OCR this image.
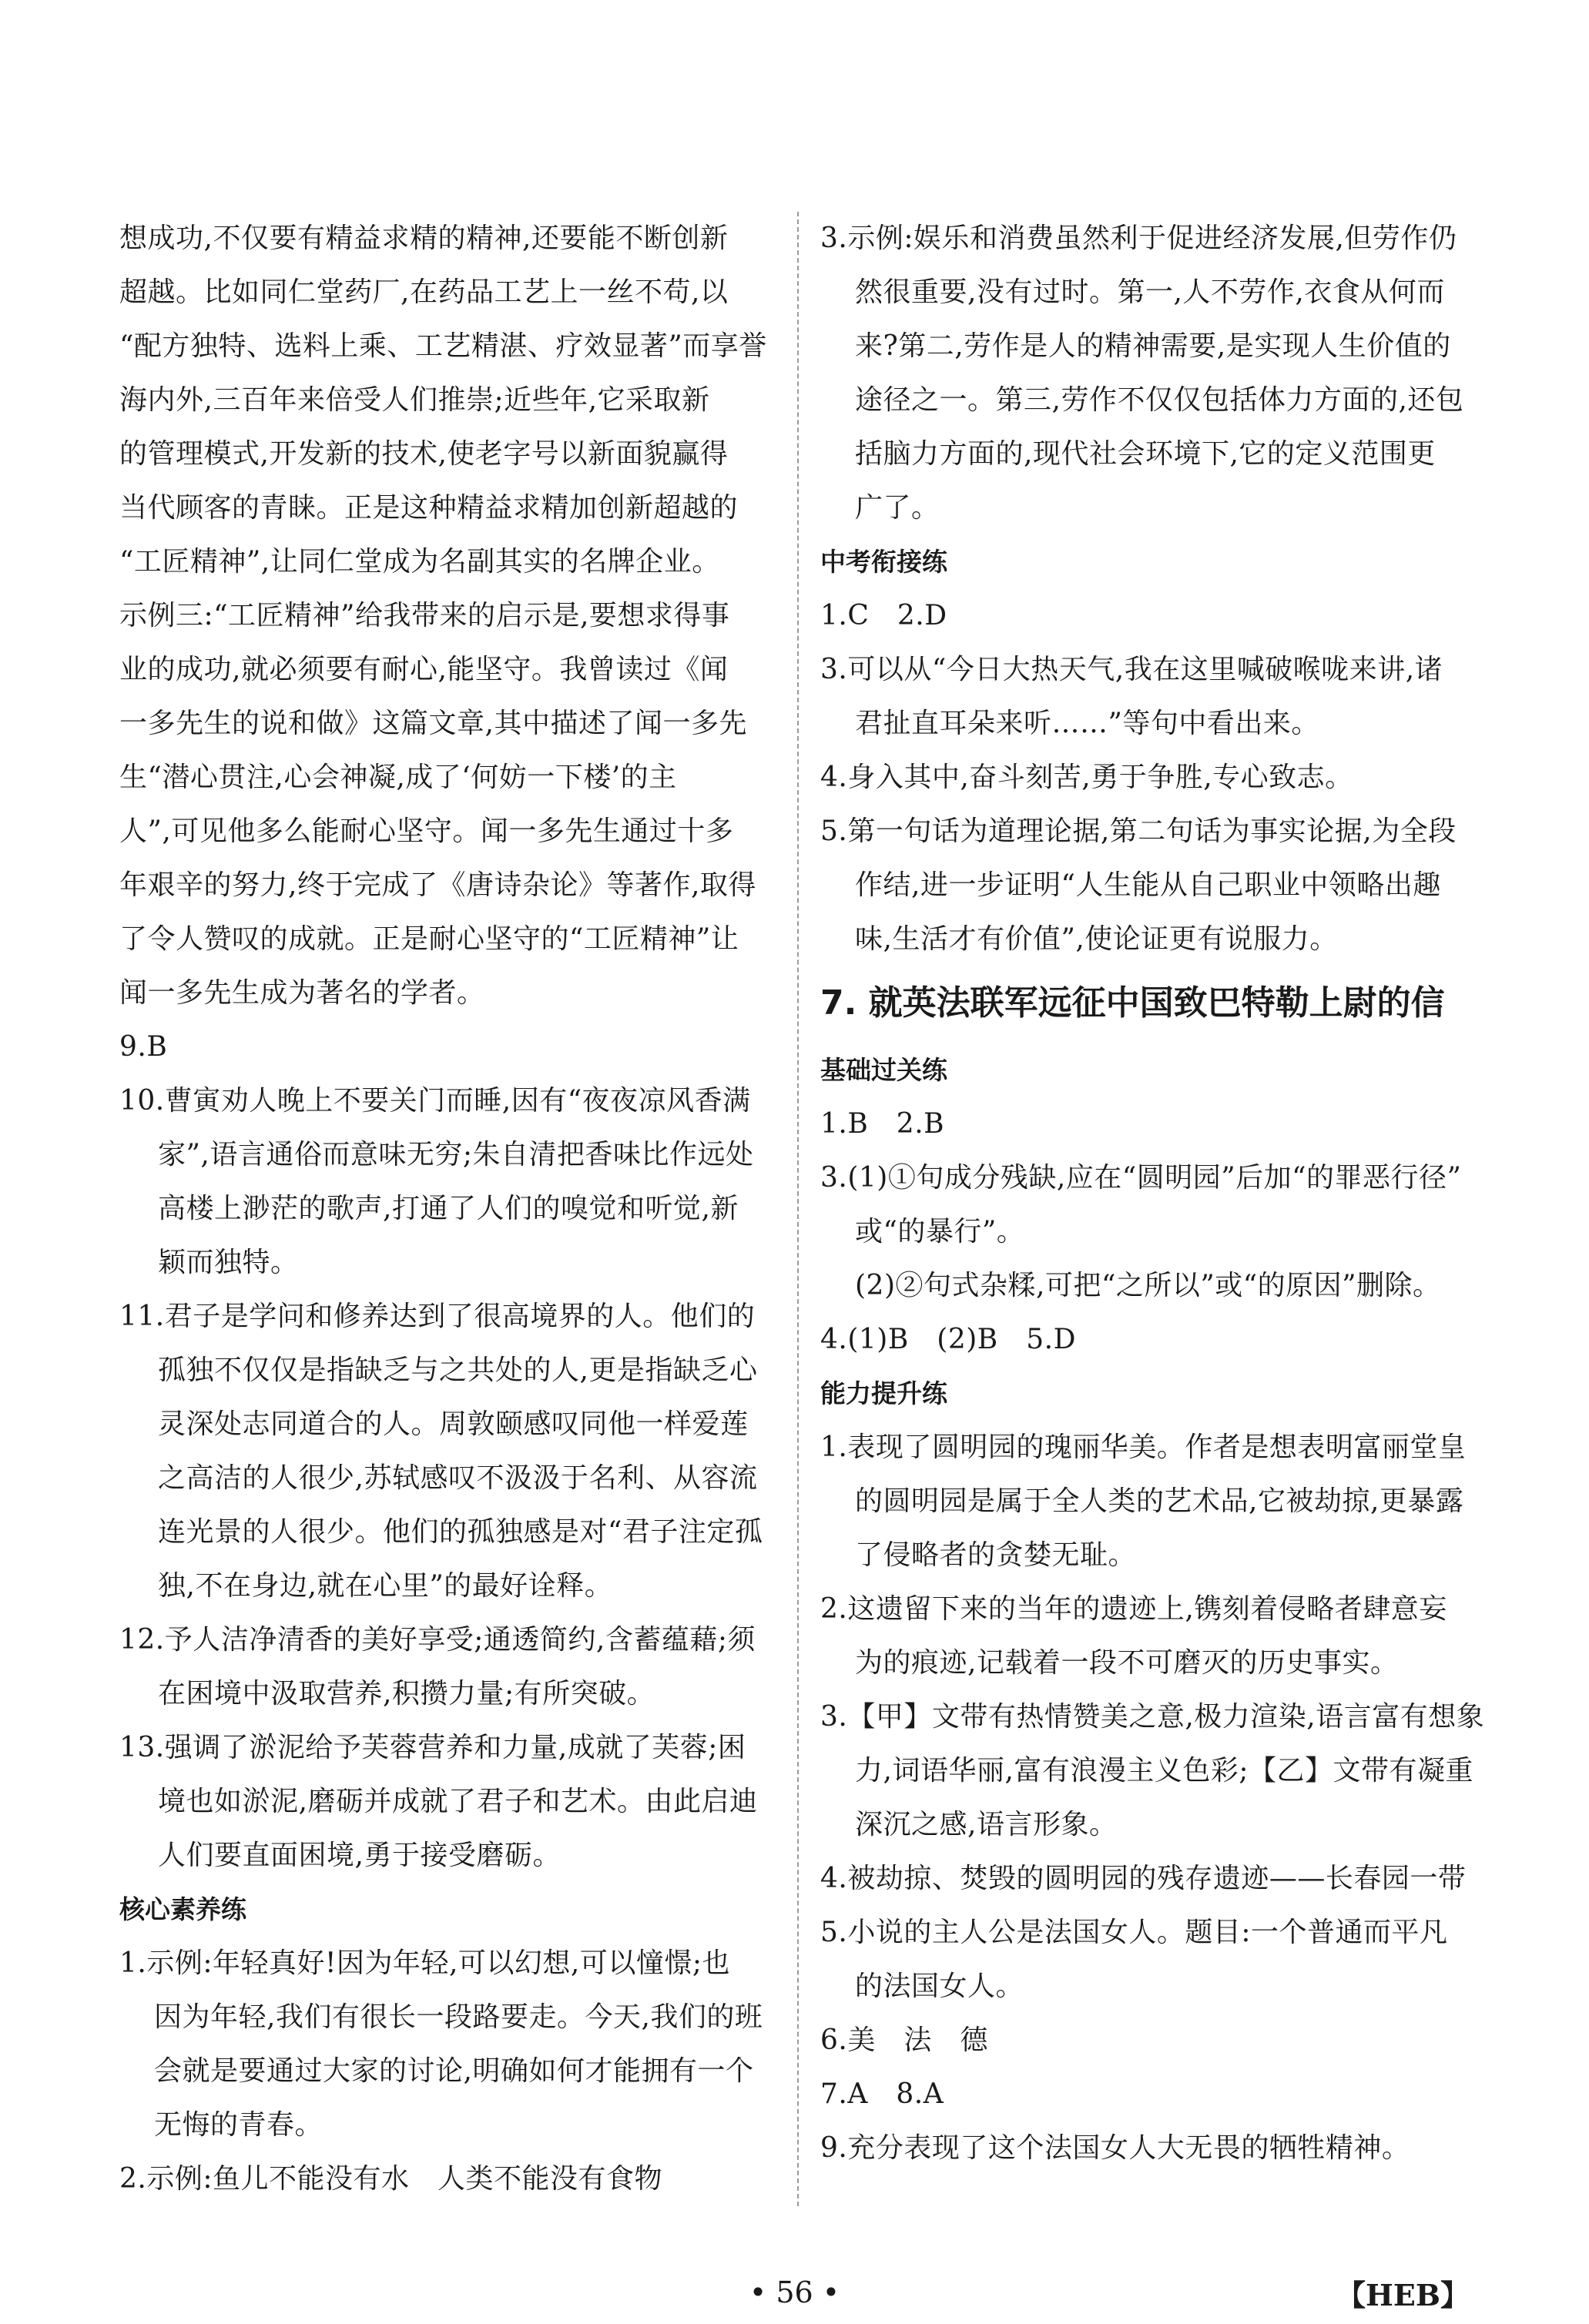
想成功,不仅要有精益求精的精神,还要能不断创新
超越。比如同仁堂药厂,在药品工艺上一丝不苟,以
“配方独特、选料上乘、工艺精湛、疗效显著”而享誉
海内外,三百年来倍受人们推崇;近些年,它采取新
的管理模式,开发新的技术,使老字号以新面貌赢得
当代顾客的青睐。正是这种精益求精加创新超越的
“工匠精神”,让同仁堂成为名副其实的名牌企业。
示例三:“工匠精神”给我带来的启示是,要想求得事
业的成功,就必须要有耐心,能坚守。我曾读过《闻
一多先生的说和做》这篇文章,其中描述了闻一多先
生“潜心贯注,心会神凝,成了‘何妨一下楼’的主
人”,可见他多么能耐心坚守。闻一多先生通过十多
年艰辛的努力,终于完成了《唐诗杂论》等著作,取得
了令人赞叹的成就。正是耐心坚守的“工匠精神”让
闻一多先生成为著名的学者。
9.B
10.曹寅劝人晚上不要关门而睡,因有“夜夜凉风香满
家”,语言通俗而意味无穷;朱自清把香味比作远处
高楼上渺茫的歌声,打通了人们的嗅觉和听觉,新
颖而独特。
11.君子是学问和修养达到了很高境界的人。他们的
孤独不仅仅是指缺乏与之共处的人,更是指缺乏心
灵深处志同道合的人。周敦颐感叹同他一样爱莲
之高洁的人很少,苏轼感叹不汲汲于名利、从容流
连光景的人很少。他们的孤独感是对“君子注定孤
独,不在身边,就在心里”的最好诠释。
12.予人洁净清香的美好享受;通透简约,含蓄蕴藉;须
在困境中汲取营养,积攒力量;有所突破。
13.强调了淤泥给予芙蓉营养和力量,成就了芙蓉;困
境也如淤泥,磨砺并成就了君子和艺术。由此启迪
人们要直面困境,勇于接受磨砺。
核心素养练
1.示例:年轻真好!因为年轻,可以幻想,可以憧憬;也
因为年轻,我们有很长一段路要走。今天,我们的班
会就是要通过大家的讨论,明确如何才能拥有一个
无悔的青春。
2.示例:鱼儿不能没有水　人类不能没有食物
3.示例:娱乐和消费虽然利于促进经济发展,但劳作仍
然很重要,没有过时。第一,人不劳作,衣食从何而
来?第二,劳作是人的精神需要,是实现人生价值的
途径之一。第三,劳作不仅仅包括体力方面的,还包
括脑力方面的,现代社会环境下,它的定义范围更
广了。
中考衔接练
1.C　2.D
3.可以从“今日大热天气,我在这里喊破喉咙来讲,诸
君扯直耳朵来听……”等句中看出来。
4.身入其中,奋斗刻苦,勇于争胜,专心致志。
5.第一句话为道理论据,第二句话为事实论据,为全段
作结,进一步证明“人生能从自己职业中领略出趣
味,生活才有价值”,使论证更有说服力。
7. 就英法联军远征中国致巴特勒上尉的信
基础过关练
1.B　2.B
3.(1)①句成分残缺,应在“圆明园”后加“的罪恶行径”
或“的暴行”。
(2)②句式杂糅,可把“之所以”或“的原因”删除。
4.(1)B　(2)B　5.D
能力提升练
1.表现了圆明园的瑰丽华美。作者是想表明富丽堂皇
的圆明园是属于全人类的艺术品,它被劫掠,更暴露
了侵略者的贪婪无耻。
2.这遗留下来的当年的遗迹上,镌刻着侵略者肆意妄
为的痕迹,记载着一段不可磨灭的历史事实。
3.【甲】文带有热情赞美之意,极力渲染,语言富有想象
力,词语华丽,富有浪漫主义色彩;【乙】文带有凝重
深沉之感,语言形象。
4.被劫掠、焚毁的圆明园的残存遗迹——长春园一带
5.小说的主人公是法国女人。题目:一个普通而平凡
的法国女人。
6.美　法　德
7.A　8.A
9.充分表现了这个法国女人大无畏的牺牲精神。
• 56 •	【HEB】
